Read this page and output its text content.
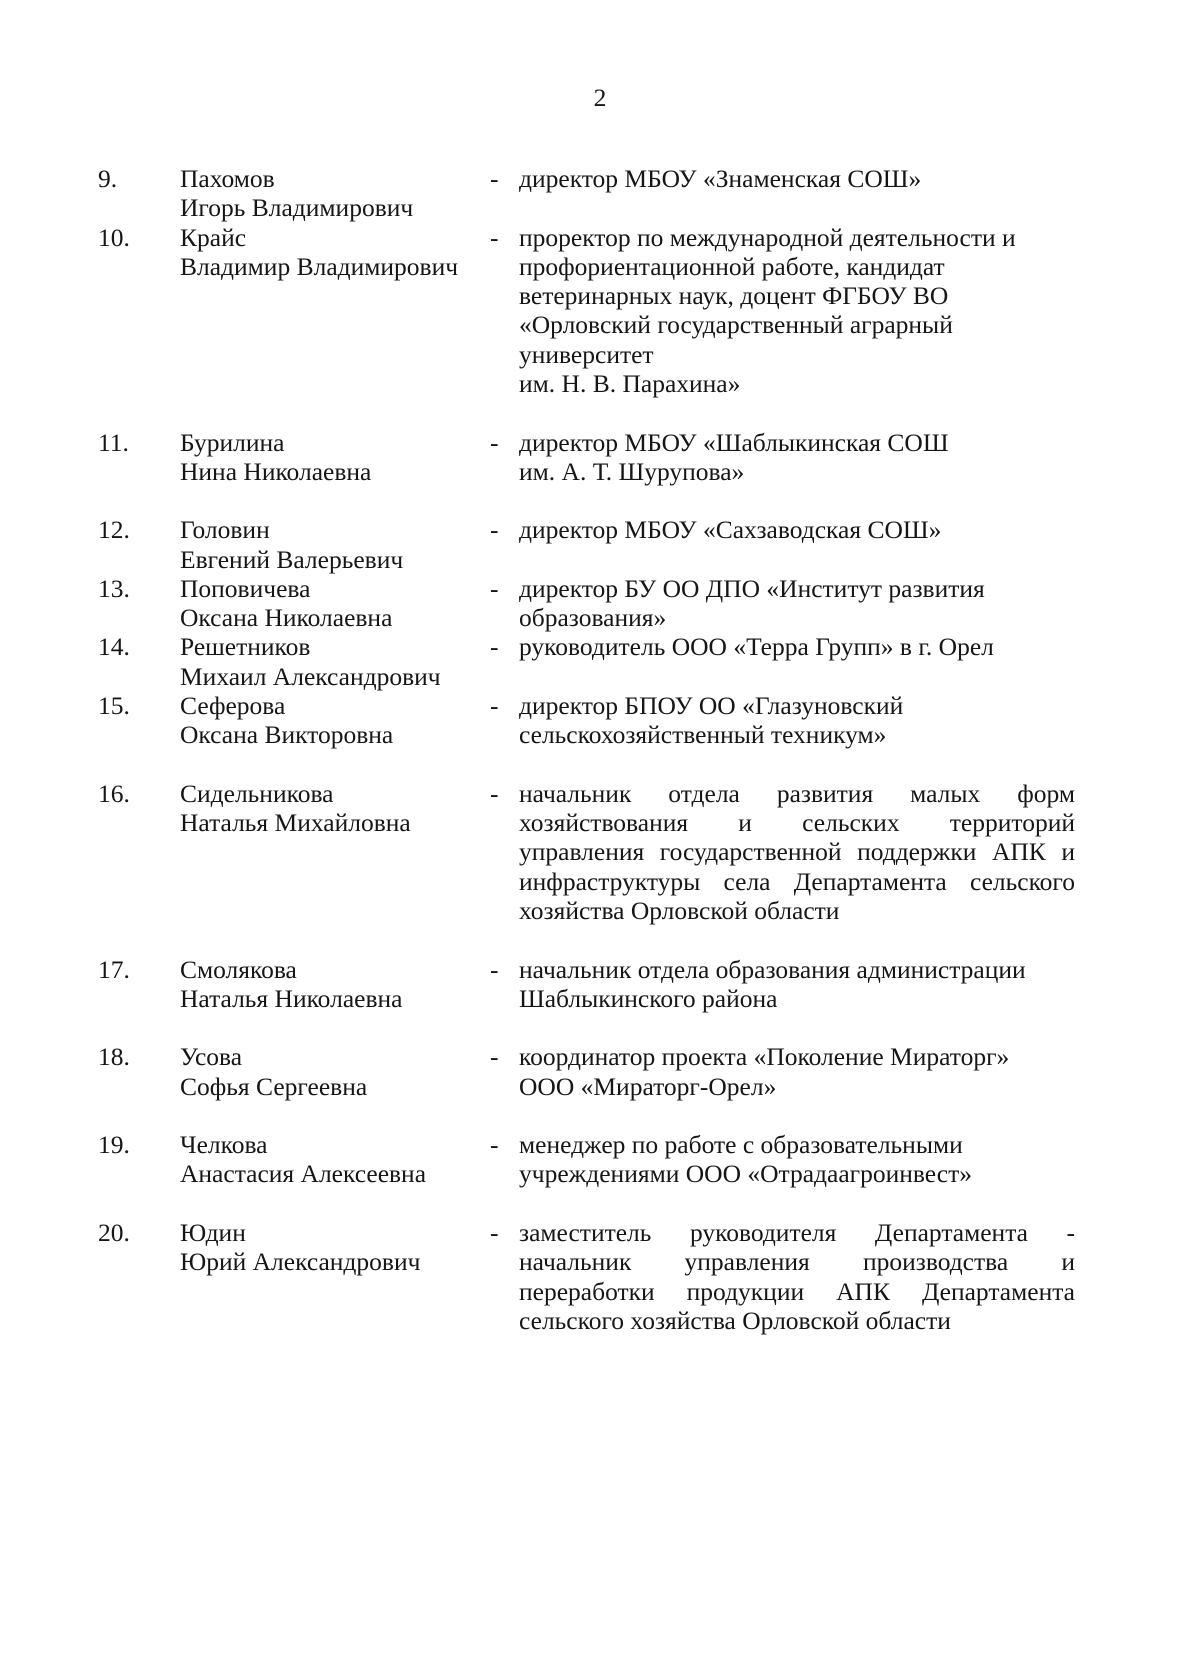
2
9.	Пахомов
Игорь Владимирович
- директор МБОУ «Знаменская СОШ»
10.	Крайс
Владимир Владимирович
- проректор по международной деятельности и
профориентационной работе, кандидат
ветеринарных наук, доцент ФГБОУ ВО
«Орловский государственный аграрный
университет
им. Н. В. Парахина»
11.	Бурилина
Нина Николаевна
- директор МБОУ «Шаблыкинская СОШ
им. А. Т. Шурупова»
12.	Головин
Евгений Валерьевич
- директор МБОУ «Сахзаводская СОШ»
13.	Поповичева
Оксана Николаевна
- директор БУ ОО ДПО «Институт развития
образования»
14.	Решетников
Михаил Александрович
- руководитель ООО «Терра Групп» в г. Орел
15.	Сеферова
Оксана Викторовна
- директор БПОУ ОО «Глазуновский
сельскохозяйственный техникум»
16.	Сидельникова
Наталья Михайловна
- начальник отдела развития малых форм
хозяйствования и сельских территорий
управления государственной поддержки АПК и
инфраструктуры села Департамента сельского
хозяйства Орловской области
17.	Смолякова
Наталья Николаевна
- начальник отдела образования администрации
Шаблыкинского района
18.	Усова
Софья Сергеевна
- координатор проекта «Поколение Мираторг»
ООО «Мираторг-Орел»
19.	Челкова
Анастасия Алексеевна
- менеджер по работе с образовательными
учреждениями ООО «Отрадаагроинвест»
20.	Юдин
Юрий Александрович
- заместитель руководителя Департамента -
начальник управления производства и
переработки продукции АПК Департамента
сельского хозяйства Орловской области
